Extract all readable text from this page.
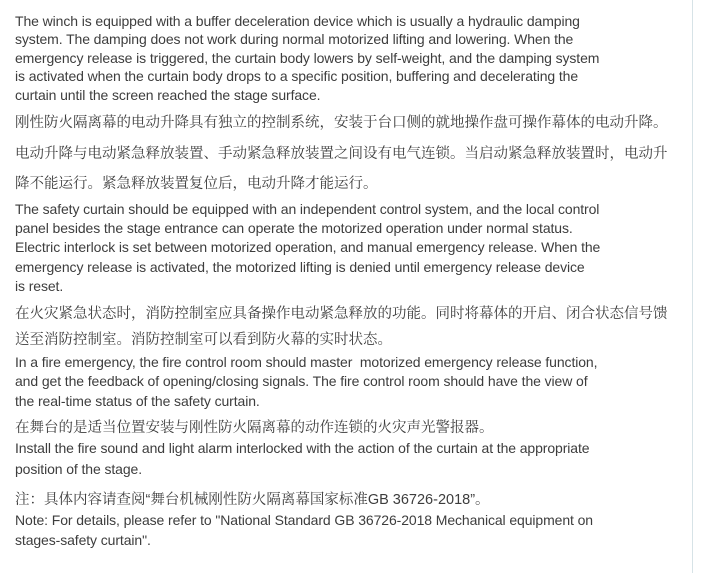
The winch is equipped with a buffer deceleration device which is usually a hydraulic damping
system. The damping does not work during normal motorized lifting and lowering. When the
emergency release is triggered, the curtain body lowers by self-weight, and the damping system
is activated when the curtain body drops to a specific position, buffering and decelerating the
curtain until the screen reached the stage surface.
刚性防火隔离幕的电动升降具有独立的控制系统，安装于台口侧的就地操作盘可操作幕体的电动升降。
电动升降与电动紧急释放装置、手动紧急释放装置之间设有电气连锁。当启动紧急释放装置时，电动升
降不能运行。紧急释放装置复位后，电动升降才能运行。
The safety curtain should be equipped with an independent control system, and the local control
panel besides the stage entrance can operate the motorized operation under normal status.
Electric interlock is set between motorized operation, and manual emergency release. When the
emergency release is activated, the motorized lifting is denied until emergency release device
is reset.
在火灾紧急状态时，消防控制室应具备操作电动紧急释放的功能。同时将幕体的开启、闭合状态信号馈
送至消防控制室。消防控制室可以看到防火幕的实时状态。
In a fire emergency, the fire control room should master  motorized emergency release function,
and get the feedback of opening/closing signals. The fire control room should have the view of
the real-time status of the safety curtain.
在舞台的是适当位置安装与刚性防火隔离幕的动作连锁的火灾声光警报器。
Install the fire sound and light alarm interlocked with the action of the curtain at the appropriate
position of the stage.
注：具体内容请查阅“舞台机械刚性防火隔离幕国家标准GB 36726-2018”。
Note: For details, please refer to "National Standard GB 36726-2018 Mechanical equipment on
stages-safety curtain".
